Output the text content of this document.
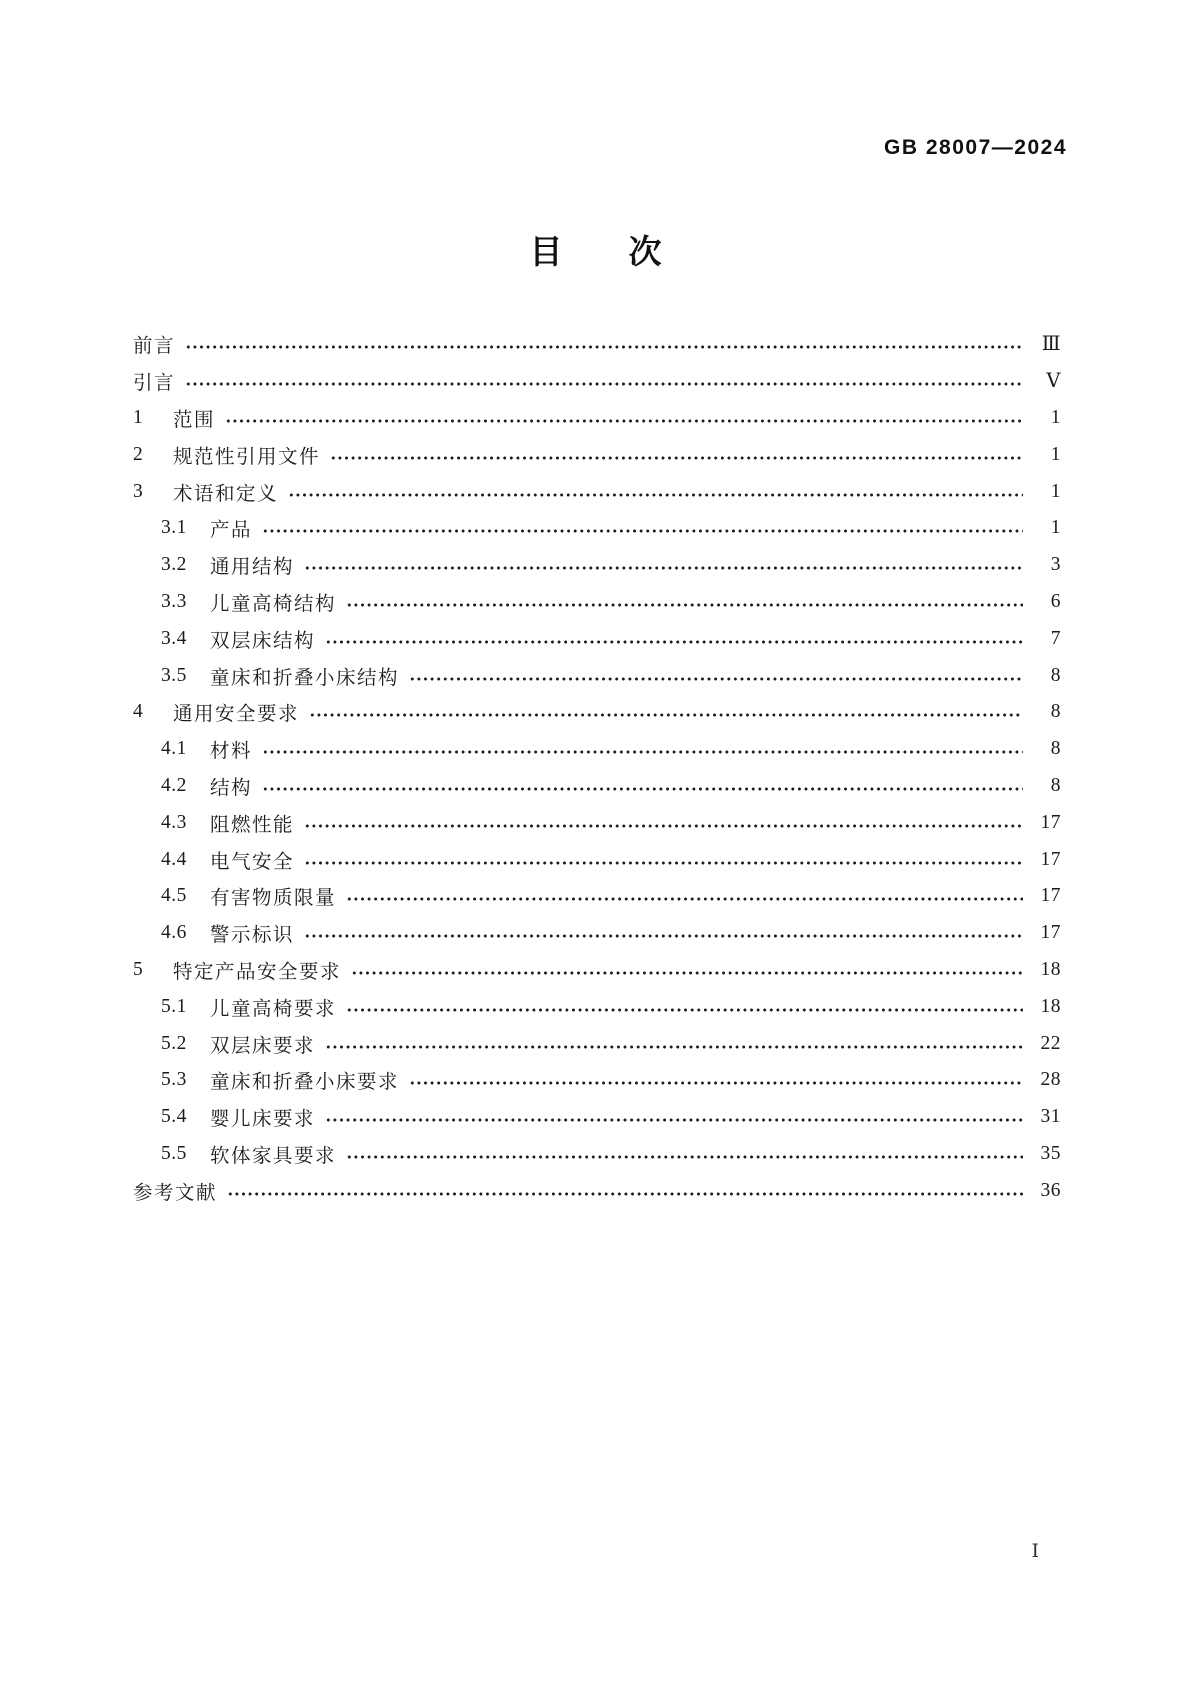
GB 28007—2024
目　　次
前言	Ⅲ
引言	Ⅴ
1	范围	1
2	规范性引用文件	1
3	术语和定义	1
3.1	产品	1
3.2	通用结构	3
3.3	儿童高椅结构	6
3.4	双层床结构	7
3.5	童床和折叠小床结构	8
4	通用安全要求	8
4.1	材料	8
4.2	结构	8
4.3	阻燃性能	17
4.4	电气安全	17
4.5	有害物质限量	17
4.6	警示标识	17
5	特定产品安全要求	18
5.1	儿童高椅要求	18
5.2	双层床要求	22
5.3	童床和折叠小床要求	28
5.4	婴儿床要求	31
5.5	软体家具要求	35
参考文献	36
Ⅰ
